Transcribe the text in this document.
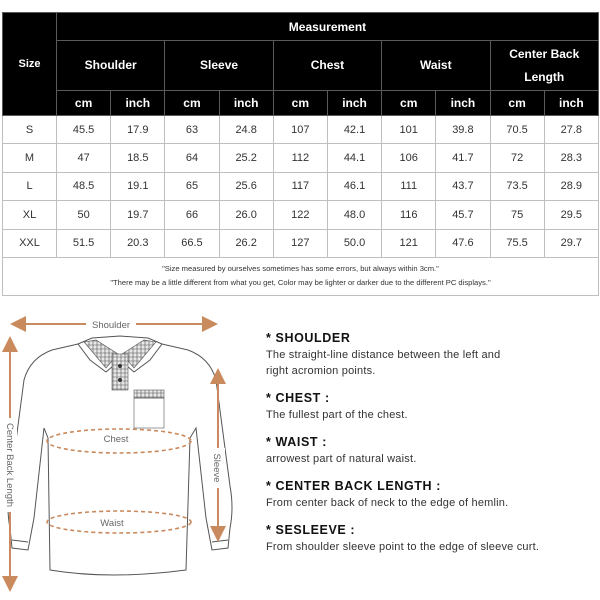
Size	Measurement									
	Shoulder		Sleeve		Chest		Waist		Center Back Length	
	cm	inch	cm	inch	cm	inch	cm	inch	cm	inch
S	45.5	17.9	63	24.8	107	42.1	101	39.8	70.5	27.8
M	47	18.5	64	25.2	112	44.1	106	41.7	72	28.3
L	48.5	19.1	65	25.6	117	46.1	111	43.7	73.5	28.9
XL	50	19.7	66	26.0	122	48.0	116	45.7	75	29.5
XXL	51.5	20.3	66.5	26.2	127	50.0	121	47.6	75.5	29.7

"Size measured by ourselves sometimes has some errors, but always within 3cm."
"There may be a little different from what you get, Color may be lighter or darker due to the different PC displays."										
Shoulder
Center Back Length	Sleeve
Chest
Waist
* SHOULDER
The straight-line distance between the left and right acromion points.
* CHEST :
The fullest part of the chest.
* WAIST :
arrowest part of natural waist.
* CENTER BACK LENGTH :
From center back of neck to the edge of hemlin.
* SESLEEVE :
From shoulder sleeve point to the edge of sleeve curt.
